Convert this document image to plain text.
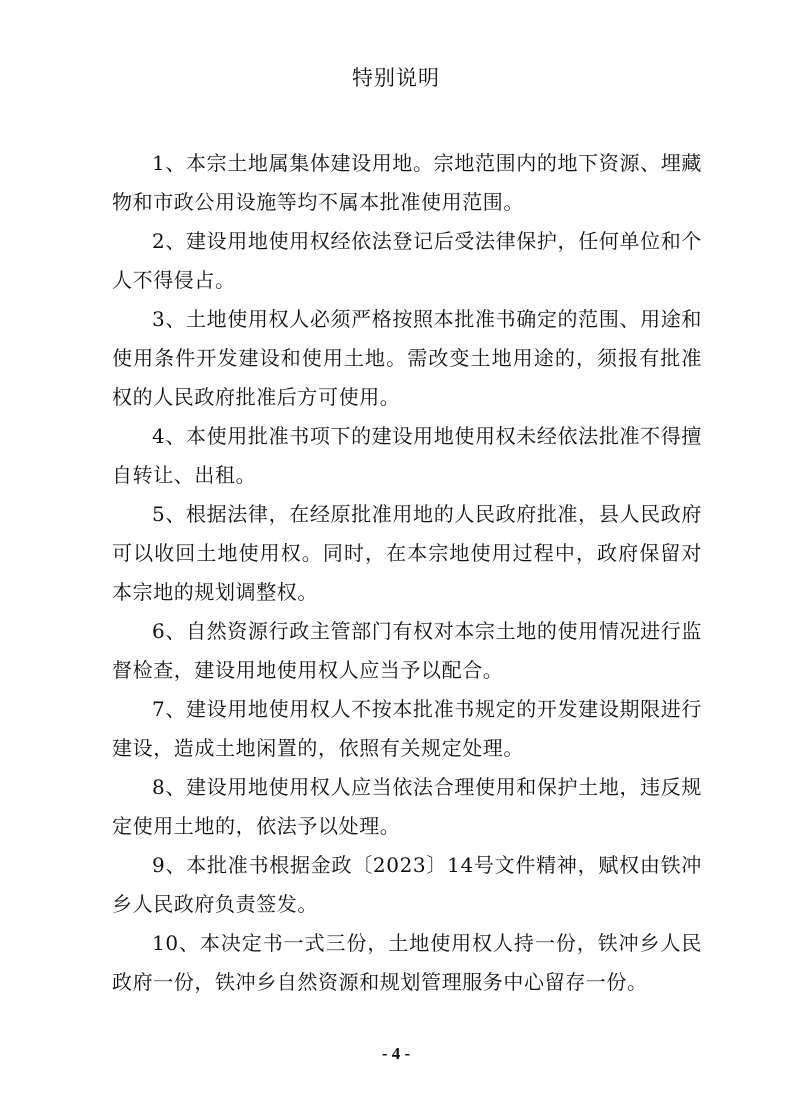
特别说明

1、本宗土地属集体建设用地。宗地范围内的地下资源、埋藏物和市政公用设施等均不属本批准使用范围。

2、建设用地使用权经依法登记后受法律保护，任何单位和个人不得侵占。

3、土地使用权人必须严格按照本批准书确定的范围、用途和使用条件开发建设和使用土地。需改变土地用途的，须报有批准权的人民政府批准后方可使用。

4、本使用批准书项下的建设用地使用权未经依法批准不得擅自转让、出租。

5、根据法律，在经原批准用地的人民政府批准，县人民政府可以收回土地使用权。同时，在本宗地使用过程中，政府保留对本宗地的规划调整权。

6、自然资源行政主管部门有权对本宗土地的使用情况进行监督检查，建设用地使用权人应当予以配合。

7、建设用地使用权人不按本批准书规定的开发建设期限进行建设，造成土地闲置的，依照有关规定处理。

8、建设用地使用权人应当依法合理使用和保护土地，违反规定使用土地的，依法予以处理。

9、本批准书根据金政〔2023〕14号文件精神，赋权由铁冲乡人民政府负责签发。

10、本决定书一式三份，土地使用权人持一份，铁冲乡人民政府一份，铁冲乡自然资源和规划管理服务中心留存一份。

- 4 -
